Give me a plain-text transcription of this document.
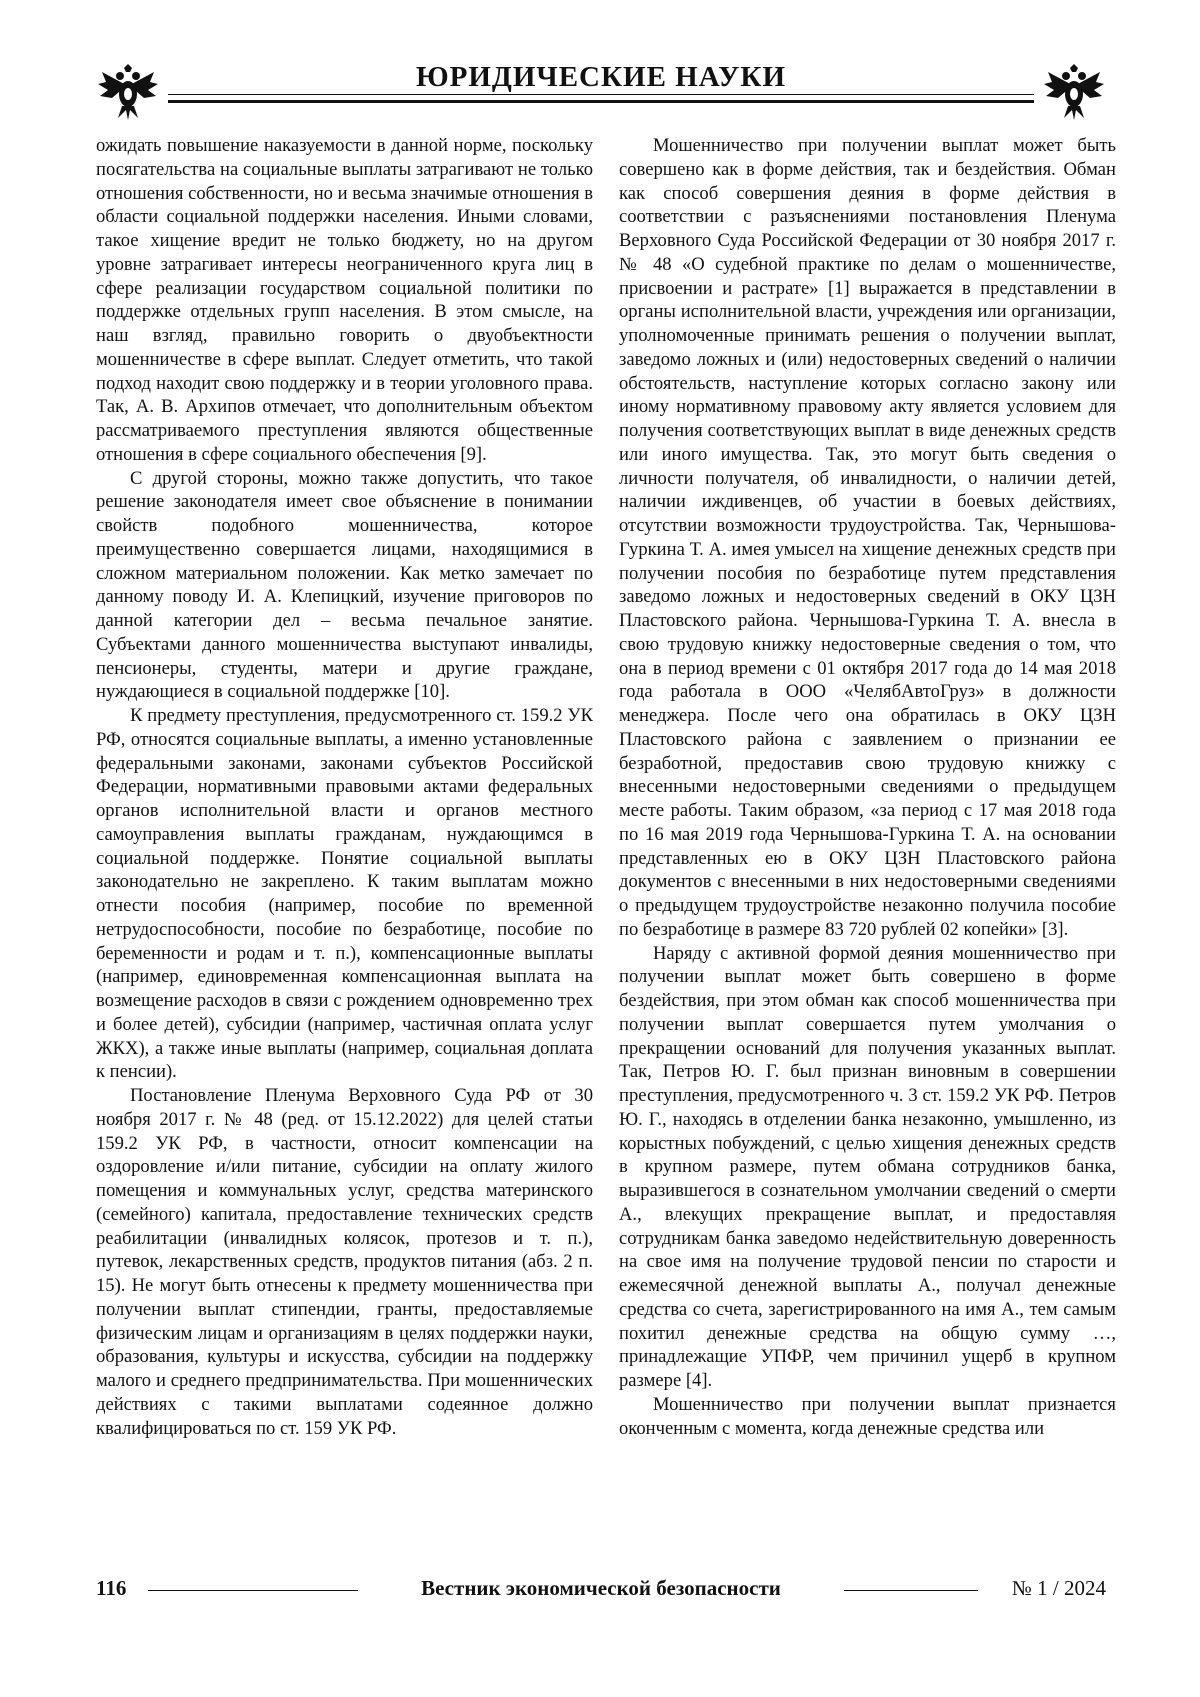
ЮРИДИЧЕСКИЕ НАУКИ

ожидать повышение наказуемости в данной норме, поскольку посягательства на социальные выплаты затрагивают не только отношения собственности, но и весьма значимые отношения в области социальной поддержки населения. Иными словами, такое хищение вредит не только бюджету, но на другом уровне затрагивает интересы неограниченного круга лиц в сфере реализации государством социальной политики по поддержке отдельных групп населения. В этом смысле, на наш взгляд, правильно говорить о двуобъектности мошенничестве в сфере выплат. Следует отметить, что такой подход находит свою поддержку и в теории уголовного права. Так, А. В. Архипов отмечает, что дополнительным объектом рассматриваемого преступления являются общественные отношения в сфере социального обеспечения [9].

С другой стороны, можно также допустить, что такое решение законодателя имеет свое объяснение в понимании свойств подобного мошенничества, которое преимущественно совершается лицами, находящимися в сложном материальном положении. Как метко замечает по данному поводу И. А. Клепицкий, изучение приговоров по данной категории дел – весьма печальное занятие. Субъектами данного мошенничества выступают инвалиды, пенсионеры, студенты, матери и другие граждане, нуждающиеся в социальной поддержке [10].

К предмету преступления, предусмотренного ст. 159.2 УК РФ, относятся социальные выплаты, а именно установленные федеральными законами, законами субъектов Российской Федерации, нормативными правовыми актами федеральных органов исполнительной власти и органов местного самоуправления выплаты гражданам, нуждающимся в социальной поддержке. Понятие социальной выплаты законодательно не закреплено. К таким выплатам можно отнести пособия (например, пособие по временной нетрудоспособности, пособие по безработице, пособие по беременности и родам и т. п.), компенсационные выплаты (например, единовременная компенсационная выплата на возмещение расходов в связи с рождением одновременно трех и более детей), субсидии (например, частичная оплата услуг ЖКХ), а также иные выплаты (например, социальная доплата к пенсии).

Постановление Пленума Верховного Суда РФ от 30 ноября 2017 г. № 48 (ред. от 15.12.2022) для целей статьи 159.2 УК РФ, в частности, относит компенсации на оздоровление и/или питание, субсидии на оплату жилого помещения и коммунальных услуг, средства материнского (семейного) капитала, предоставление технических средств реабилитации (инвалидных колясок, протезов и т. п.), путевок, лекарственных средств, продуктов питания (абз. 2 п. 15). Не могут быть отнесены к предмету мошенничества при получении выплат стипендии, гранты, предоставляемые физическим лицам и организациям в целях поддержки науки, образования, культуры и искусства, субсидии на поддержку малого и среднего предпринимательства. При мошеннических действиях с такими выплатами содеянное должно квалифицироваться по ст. 159 УК РФ.

Мошенничество при получении выплат может быть совершено как в форме действия, так и бездействия. Обман как способ совершения деяния в форме действия в соответствии с разъяснениями постановления Пленума Верховного Суда Российской Федерации от 30 ноября 2017 г. № 48 «О судебной практике по делам о мошенничестве, присвоении и растрате» [1] выражается в представлении в органы исполнительной власти, учреждения или организации, уполномоченные принимать решения о получении выплат, заведомо ложных и (или) недостоверных сведений о наличии обстоятельств, наступление которых согласно закону или иному нормативному правовому акту является условием для получения соответствующих выплат в виде денежных средств или иного имущества. Так, это могут быть сведения о личности получателя, об инвалидности, о наличии детей, наличии иждивенцев, об участии в боевых действиях, отсутствии возможности трудоустройства. Так, Чернышова-Гуркина Т. А. имея умысел на хищение денежных средств при получении пособия по безработице путем представления заведомо ложных и недостоверных сведений в ОКУ ЦЗН Пластовского района. Чернышова-Гуркина Т. А. внесла в свою трудовую книжку недостоверные сведения о том, что она в период времени с 01 октября 2017 года до 14 мая 2018 года работала в ООО «ЧелябАвтоГруз» в должности менеджера. После чего она обратилась в ОКУ ЦЗН Пластовского района с заявлением о признании ее безработной, предоставив свою трудовую книжку с внесенными недостоверными сведениями о предыдущем месте работы. Таким образом, «за период с 17 мая 2018 года по 16 мая 2019 года Чернышова-Гуркина Т. А. на основании представленных ею в ОКУ ЦЗН Пластовского района документов с внесенными в них недостоверными сведениями о предыдущем трудоустройстве незаконно получила пособие по безработице в размере 83 720 рублей 02 копейки» [3].

Наряду с активной формой деяния мошенничество при получении выплат может быть совершено в форме бездействия, при этом обман как способ мошенничества при получении выплат совершается путем умолчания о прекращении оснований для получения указанных выплат. Так, Петров Ю. Г. был признан виновным в совершении преступления, предусмотренного ч. 3 ст. 159.2 УК РФ. Петров Ю. Г., находясь в отделении банка незаконно, умышленно, из корыстных побуждений, с целью хищения денежных средств в крупном размере, путем обмана сотрудников банка, выразившегося в сознательном умолчании сведений о смерти А., влекущих прекращение выплат, и предоставляя сотрудникам банка заведомо недействительную доверенность на свое имя на получение трудовой пенсии по старости и ежемесячной денежной выплаты А., получал денежные средства со счета, зарегистрированного на имя А., тем самым похитил денежные средства на общую сумму …, принадлежащие УПФР, чем причинил ущерб в крупном размере [4].

Мошенничество при получении выплат признается оконченным с момента, когда денежные средства или

116	Вестник экономической безопасности	№ 1 / 2024
